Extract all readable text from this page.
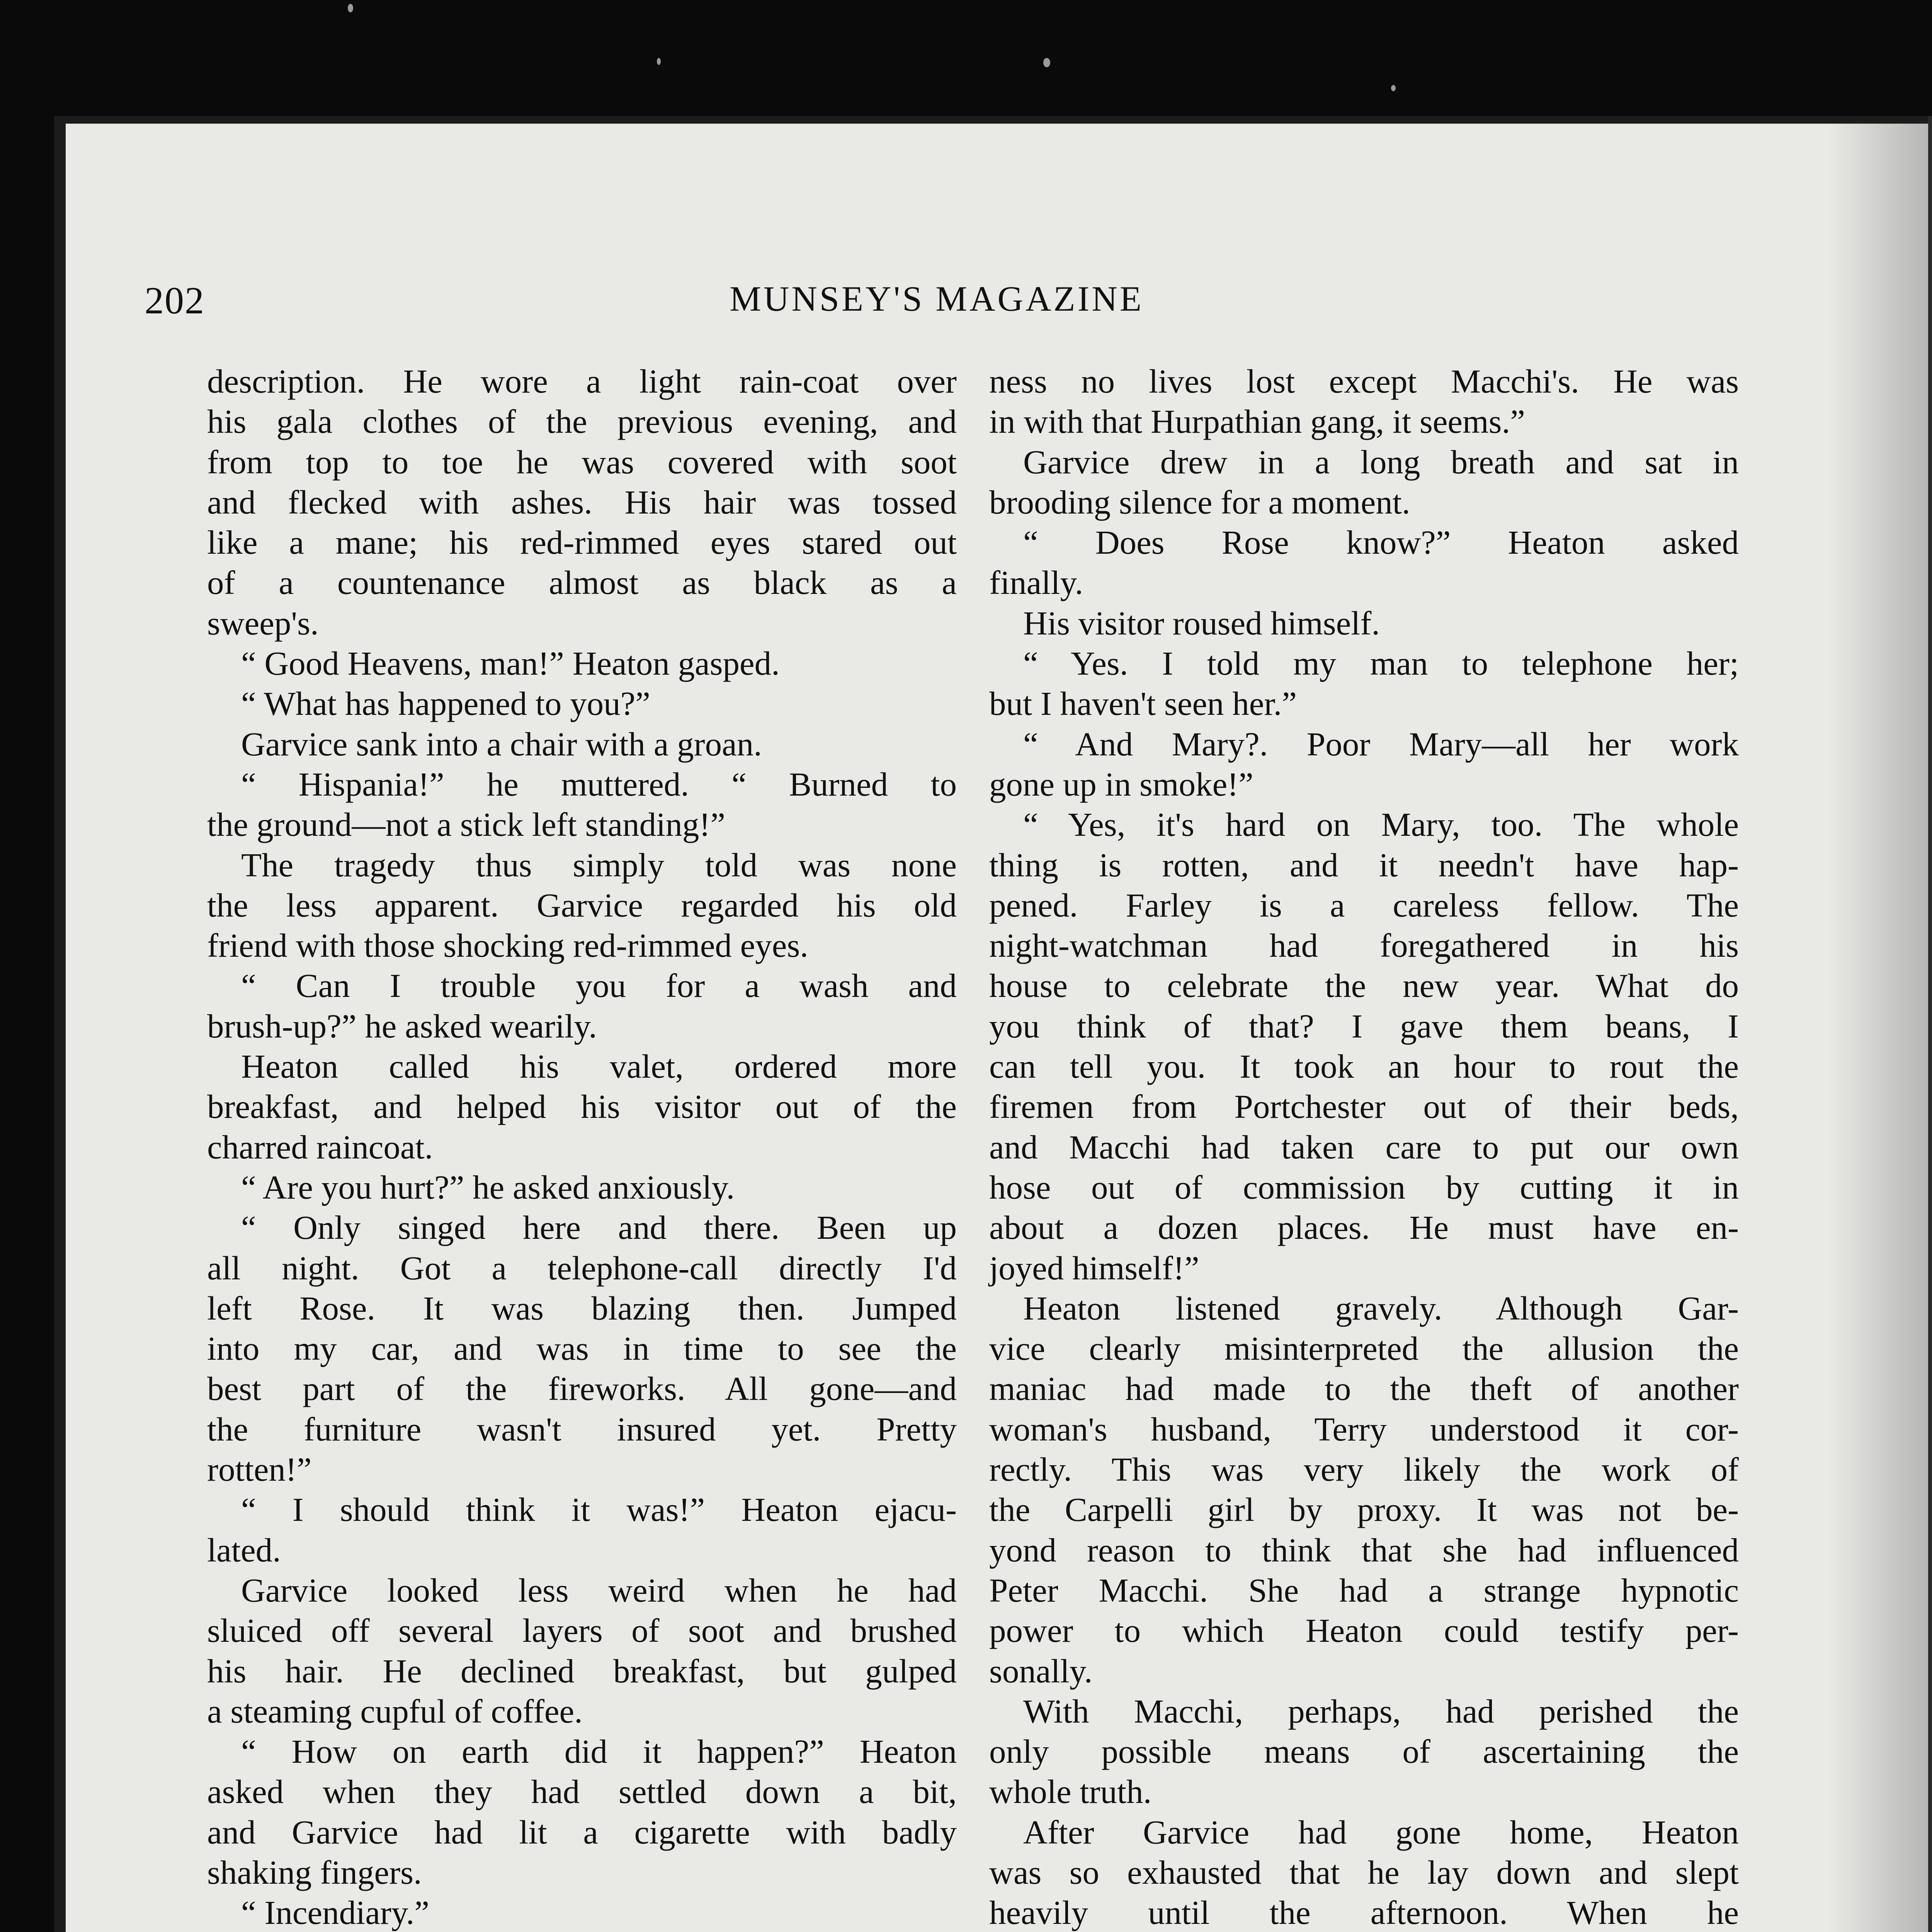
202	MUNSEY'S MAGAZINE
description. He wore a light rain-coat over
his gala clothes of the previous evening, and
from top to toe he was covered with soot
and flecked with ashes. His hair was tossed
like a mane; his red-rimmed eyes stared out
of a countenance almost as black as a
sweep's.
“ Good Heavens, man!” Heaton gasped.
“ What has happened to you?”
Garvice sank into a chair with a groan.
“ Hispania!” he muttered. “ Burned to
the ground—not a stick left standing!”
The tragedy thus simply told was none
the less apparent. Garvice regarded his old
friend with those shocking red-rimmed eyes.
“ Can I trouble you for a wash and
brush-up?” he asked wearily.
Heaton called his valet, ordered more
breakfast, and helped his visitor out of the
charred raincoat.
“ Are you hurt?” he asked anxiously.
“ Only singed here and there. Been up
all night. Got a telephone-call directly I'd
left Rose. It was blazing then. Jumped
into my car, and was in time to see the
best part of the fireworks. All gone—and
the furniture wasn't insured yet. Pretty
rotten!”
“ I should think it was!” Heaton ejacu-
lated.
Garvice looked less weird when he had
sluiced off several layers of soot and brushed
his hair. He declined breakfast, but gulped
a steaming cupful of coffee.
“ How on earth did it happen?” Heaton
asked when they had settled down a bit,
and Garvice had lit a cigarette with badly
shaking fingers.
“ Incendiary.”
ness no lives lost except Macchi's. He was
in with that Hurpathian gang, it seems.”
Garvice drew in a long breath and sat in
brooding silence for a moment.
“ Does Rose know?” Heaton asked
finally.
His visitor roused himself.
“ Yes. I told my man to telephone her;
but I haven't seen her.”
“ And Mary?. Poor Mary—all her work
gone up in smoke!”
“ Yes, it's hard on Mary, too. The whole
thing is rotten, and it needn't have hap-
pened. Farley is a careless fellow. The
night-watchman had foregathered in his
house to celebrate the new year. What do
you think of that? I gave them beans, I
can tell you. It took an hour to rout the
firemen from Portchester out of their beds,
and Macchi had taken care to put our own
hose out of commission by cutting it in
about a dozen places. He must have en-
joyed himself!”
Heaton listened gravely. Although Gar-
vice clearly misinterpreted the allusion the
maniac had made to the theft of another
woman's husband, Terry understood it cor-
rectly. This was very likely the work of
the Carpelli girl by proxy. It was not be-
yond reason to think that she had influenced
Peter Macchi. She had a strange hypnotic
power to which Heaton could testify per-
sonally.
With Macchi, perhaps, had perished the
only possible means of ascertaining the
whole truth.
After Garvice had gone home, Heaton
was so exhausted that he lay down and slept
heavily until the afternoon. When he
